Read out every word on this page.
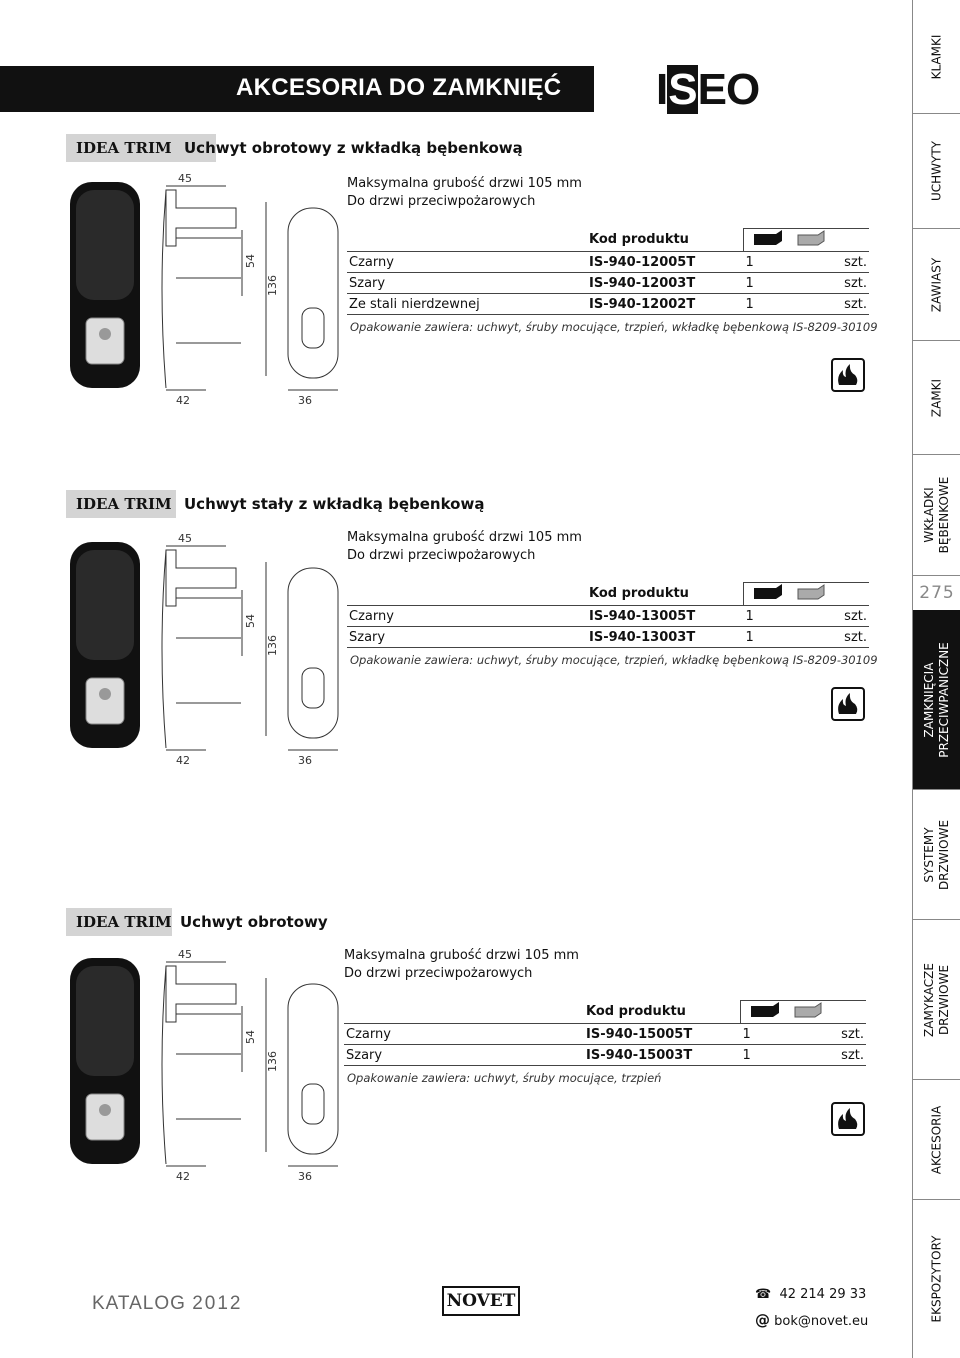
AKCESORIA DO ZAMKNIĘĆ ISEO
KLAMKI
UCHWYTY
ZAWIASY
ZAMKI
WKŁADKI
BĘBENKOWE
275
ZAMKNIĘCIA
PRZECIWPANICZNE
SYSTEMY
DRZWIOWE
ZAMYKACZE
DRZWIOWE
AKCESORIA
EKSPOZYTORY
IDEA TRIM Uchwyt obrotowy z wkładką bębenkową
45
54
136
42	36
Maksymalna grubość drzwi 105 mm
Do drzwi przeciwpożarowych
	Kod produktu	
Czarny	IS-940-12005T	1	szt.
Szary	IS-940-12003T	1	szt.
Ze stali nierdzewnej	IS-940-12002T	1	szt.
Opakowanie zawiera: uchwyt, śruby mocujące, trzpień, wkładkę bębenkową IS-8209-30109
IDEA TRIM Uchwyt stały z wkładką bębenkową
45
54
136
42	36
Maksymalna grubość drzwi 105 mm
Do drzwi przeciwpożarowych
	Kod produktu	
Czarny	IS-940-13005T	1	szt.
Szary	IS-940-13003T	1	szt.
Opakowanie zawiera: uchwyt, śruby mocujące, trzpień, wkładkę bębenkową IS-8209-30109
IDEA TRIM Uchwyt obrotowy
45
54
136
42	36
Maksymalna grubość drzwi 105 mm
Do drzwi przeciwpożarowych
	Kod produktu	
Czarny	IS-940-15005T	1	szt.
Szary	IS-940-15003T	1	szt.
Opakowanie zawiera: uchwyt, śruby mocujące, trzpień
KATALOG 2012	NOVET	☎ 42 214 29 33
@ bok@novet.eu
